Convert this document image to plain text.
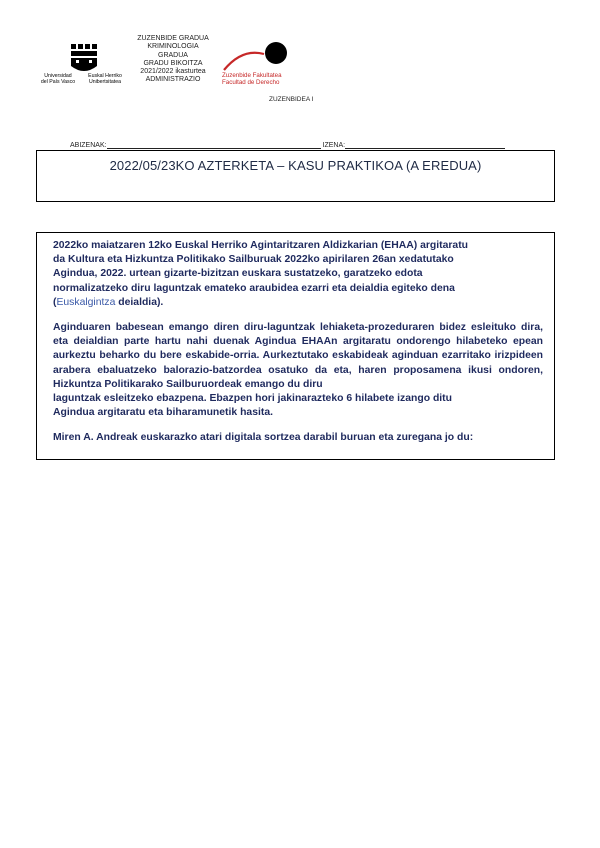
Universidad
del País Vasco
Euskal Herriko
Unibertsitatea
ZUZENBIDE GRADUA
KRIMINOLOGIA
GRADUA
GRADU BIKOITZA
2021/2022 ikasturtea
ADMINISTRAZIO
Zuzenbide Fakultatea
Facultad de Derecho
ZUZENBIDEA I
ABIZENAK:	IZENA:
2022/05/23KO AZTERKETA – KASU PRAKTIKOA (A EREDUA)

2022ko maiatzaren 12ko Euskal Herriko Agintaritzaren Aldizkarian (EHAA) argitaratu
da Kultura eta Hizkuntza Politikako Sailburuak 2022ko apirilaren 26an xedatutako
Agindua, 2022. urtean gizarte-bizitzan euskara sustatzeko, garatzeko edota
normalizatzeko diru laguntzak emateko araubidea ezarri eta deialdia egiteko dena
(Euskalgintza deialdia).

Aginduaren babesean emango diren diru-laguntzak lehiaketa-prozeduraren bidez esleituko dira, eta deialdian parte hartu nahi duenak Agindua EHAAn argitaratu ondorengo hilabeteko epean aurkeztu beharko du bere eskabide-orria. Aurkeztutako eskabideak aginduan ezarritako irizpideen arabera ebaluatzeko balorazio-batzordea osatuko da eta, haren proposamena ikusi ondoren, Hizkuntza Politikarako Sailburuordeak emango du diru
laguntzak esleitzeko ebazpena. Ebazpen hori jakinarazteko 6 hilabete izango ditu
Agindua argitaratu eta biharamunetik hasita.

Miren A. Andreak euskarazko atari digitala sortzea darabil buruan eta zuregana jo du:
